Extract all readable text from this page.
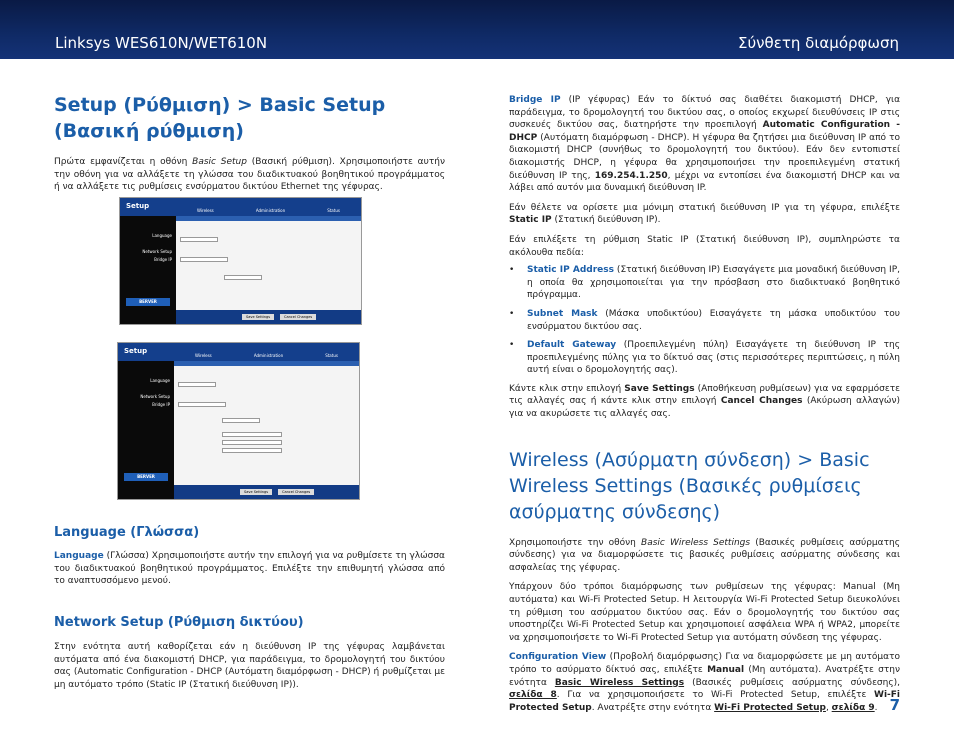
Linksys WES610N/WET610N	Σύνθετη διαμόρφωση
Setup (Ρύθμιση) > Basic Setup (Βασική ρύθμιση)

Πρώτα εμφανίζεται η οθόνη Basic Setup (Βασική ρύθμιση). Χρησιμοποιήστε αυτήν την οθόνη για να αλλάξετε τη γλώσσα του διαδικτυακού βοηθητικού προγράμματος ή να αλλάξετε τις ρυθμίσεις ενσύρματου δικτύου Ethernet της γέφυρας.

Setup
Wireless	Administration	Status
Language
Network Setup
Bridge IP
BERVER
Save Settings	Cancel Changes
Setup
Wireless	Administration	Status
Language
Network Setup
Bridge IP
BERVER
Save Settings	Cancel Changes
Language (Γλώσσα)

Language (Γλώσσα) Χρησιμοποιήστε αυτήν την επιλογή για να ρυθμίσετε τη γλώσσα του διαδικτυακού βοηθητικού προγράμματος. Επιλέξτε την επιθυμητή γλώσσα από το αναπτυσσόμενο μενού.

Network Setup (Ρύθμιση δικτύου)

Στην ενότητα αυτή καθορίζεται εάν η διεύθυνση IP της γέφυρας λαμβάνεται αυτόματα από ένα διακομιστή DHCP, για παράδειγμα, το δρομολογητή του δικτύου σας (Automatic Configuration - DHCP (Αυτόματη διαμόρφωση - DHCP) ή ρυθμίζεται με μη αυτόματο τρόπο (Static IP (Στατική διεύθυνση IP)).

Bridge IP (IP γέφυρας) Εάν το δίκτυό σας διαθέτει διακομιστή DHCP, για παράδειγμα, το δρομολογητή του δικτύου σας, ο οποίος εκχωρεί διευθύνσεις IP στις συσκευές δικτύου σας, διατηρήστε την προεπιλογή Automatic Configuration - DHCP (Αυτόματη διαμόρφωση - DHCP). Η γέφυρα θα ζητήσει μια διεύθυνση IP από το διακομιστή DHCP (συνήθως το δρομολογητή του δικτύου). Εάν δεν εντοπιστεί διακομιστής DHCP, η γέφυρα θα χρησιμοποιήσει την προεπιλεγμένη στατική διεύθυνση IP της, 169.254.1.250, μέχρι να εντοπίσει ένα διακομιστή DHCP και να λάβει από αυτόν μια δυναμική διεύθυνση IP.

Εάν θέλετε να ορίσετε μια μόνιμη στατική διεύθυνση IP για τη γέφυρα, επιλέξτε Static IP (Στατική διεύθυνση IP).

Εάν επιλέξετε τη ρύθμιση Static IP (Στατική διεύθυνση IP), συμπληρώστε τα ακόλουθα πεδία:

• Static IP Address (Στατική διεύθυνση IP) Εισαγάγετε μια μοναδική διεύθυνση IP, η οποία θα χρησιμοποιείται για την πρόσβαση στο διαδικτυακό βοηθητικό πρόγραμμα.
• Subnet Mask (Μάσκα υποδικτύου) Εισαγάγετε τη μάσκα υποδικτύου του ενσύρματου δικτύου σας.
• Default Gateway (Προεπιλεγμένη πύλη) Εισαγάγετε τη διεύθυνση IP της προεπιλεγμένης πύλης για το δίκτυό σας (στις περισσότερες περιπτώσεις, η πύλη αυτή είναι ο δρομολογητής σας).

Κάντε κλικ στην επιλογή Save Settings (Αποθήκευση ρυθμίσεων) για να εφαρμόσετε τις αλλαγές σας ή κάντε κλικ στην επιλογή Cancel Changes (Ακύρωση αλλαγών) για να ακυρώσετε τις αλλαγές σας.

Wireless (Ασύρματη σύνδεση) > Basic Wireless Settings (Βασικές ρυθμίσεις ασύρματης σύνδεσης)

Χρησιμοποιήστε την οθόνη Basic Wireless Settings (Βασικές ρυθμίσεις ασύρματης σύνδεσης) για να διαμορφώσετε τις βασικές ρυθμίσεις ασύρματης σύνδεσης και ασφαλείας της γέφυρας.

Υπάρχουν δύο τρόποι διαμόρφωσης των ρυθμίσεων της γέφυρας: Manual (Μη αυτόματα) και Wi-Fi Protected Setup. Η λειτουργία Wi-Fi Protected Setup διευκολύνει τη ρύθμιση του ασύρματου δικτύου σας. Εάν ο δρομολογητής του δικτύου σας υποστηρίζει Wi-Fi Protected Setup και χρησιμοποιεί ασφάλεια WPA ή WPA2, μπορείτε να χρησιμοποιήσετε το Wi-Fi Protected Setup για αυτόματη σύνδεση της γέφυρας.

Configuration View (Προβολή διαμόρφωσης) Για να διαμορφώσετε με μη αυτόματο τρόπο το ασύρματο δίκτυό σας, επιλέξτε Manual (Μη αυτόματα). Ανατρέξτε στην ενότητα Basic Wireless Settings (Βασικές ρυθμίσεις ασύρματης σύνδεσης), σελίδα 8. Για να χρησιμοποιήσετε το Wi-Fi Protected Setup, επιλέξτε Wi-Fi Protected Setup. Ανατρέξτε στην ενότητα Wi-Fi Protected Setup, σελίδα 9. 7
